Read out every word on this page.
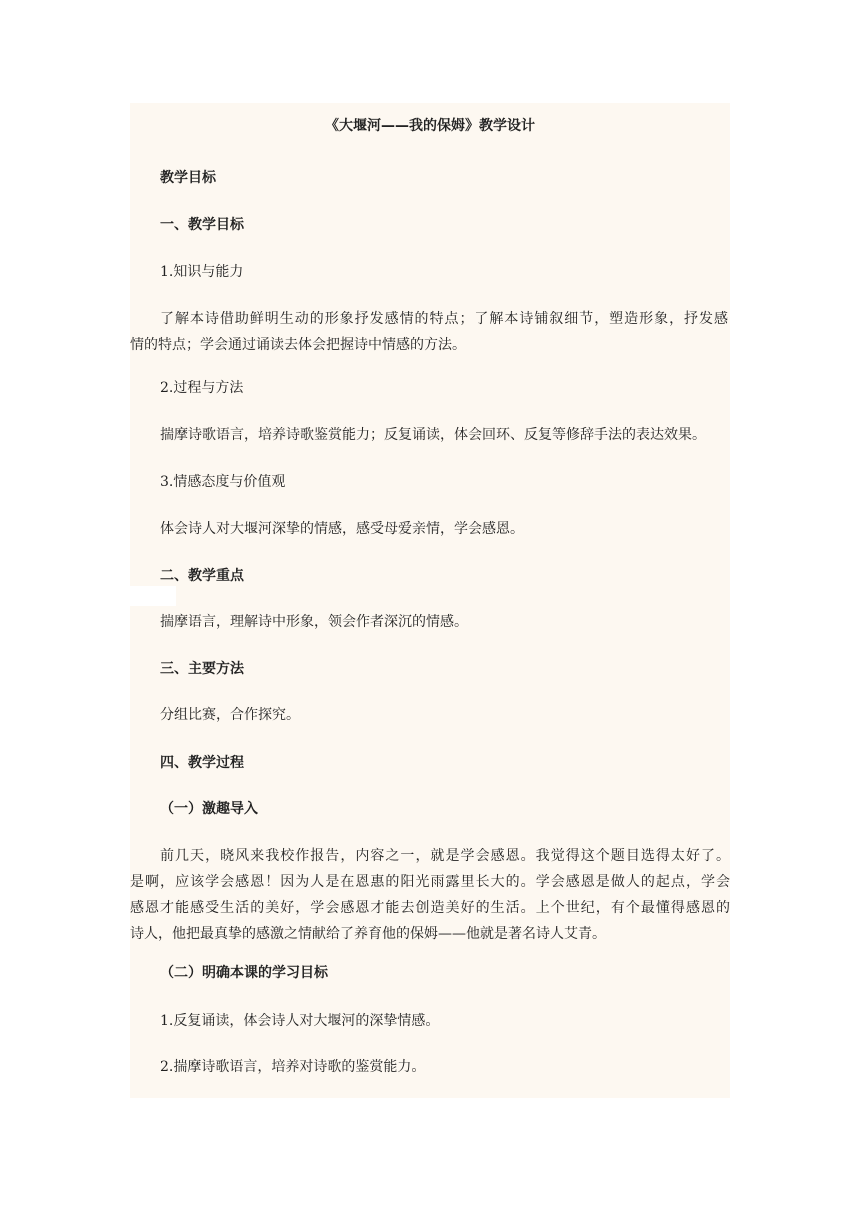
《大堰河——我的保姆》教学设计
教学目标
一、教学目标
1.知识与能力
了解本诗借助鲜明生动的形象抒发感情的特点；了解本诗铺叙细节，塑造形象，抒发感
情的特点；学会通过诵读去体会把握诗中情感的方法。
2.过程与方法
揣摩诗歌语言，培养诗歌鉴赏能力；反复诵读，体会回环、反复等修辞手法的表达效果。
3.情感态度与价值观
体会诗人对大堰河深挚的情感，感受母爱亲情，学会感恩。
二、教学重点
揣摩语言，理解诗中形象，领会作者深沉的情感。
三、主要方法
分组比赛，合作探究。
四、教学过程
（一）激趣导入
前几天，晓风来我校作报告，内容之一，就是学会感恩。我觉得这个题目选得太好了。
是啊，应该学会感恩！因为人是在恩惠的阳光雨露里长大的。学会感恩是做人的起点，学会
感恩才能感受生活的美好，学会感恩才能去创造美好的生活。上个世纪，有个最懂得感恩的
诗人，他把最真挚的感激之情献给了养育他的保姆——他就是著名诗人艾青。
（二）明确本课的学习目标
1.反复诵读，体会诗人对大堰河的深挚情感。
2.揣摩诗歌语言，培养对诗歌的鉴赏能力。
